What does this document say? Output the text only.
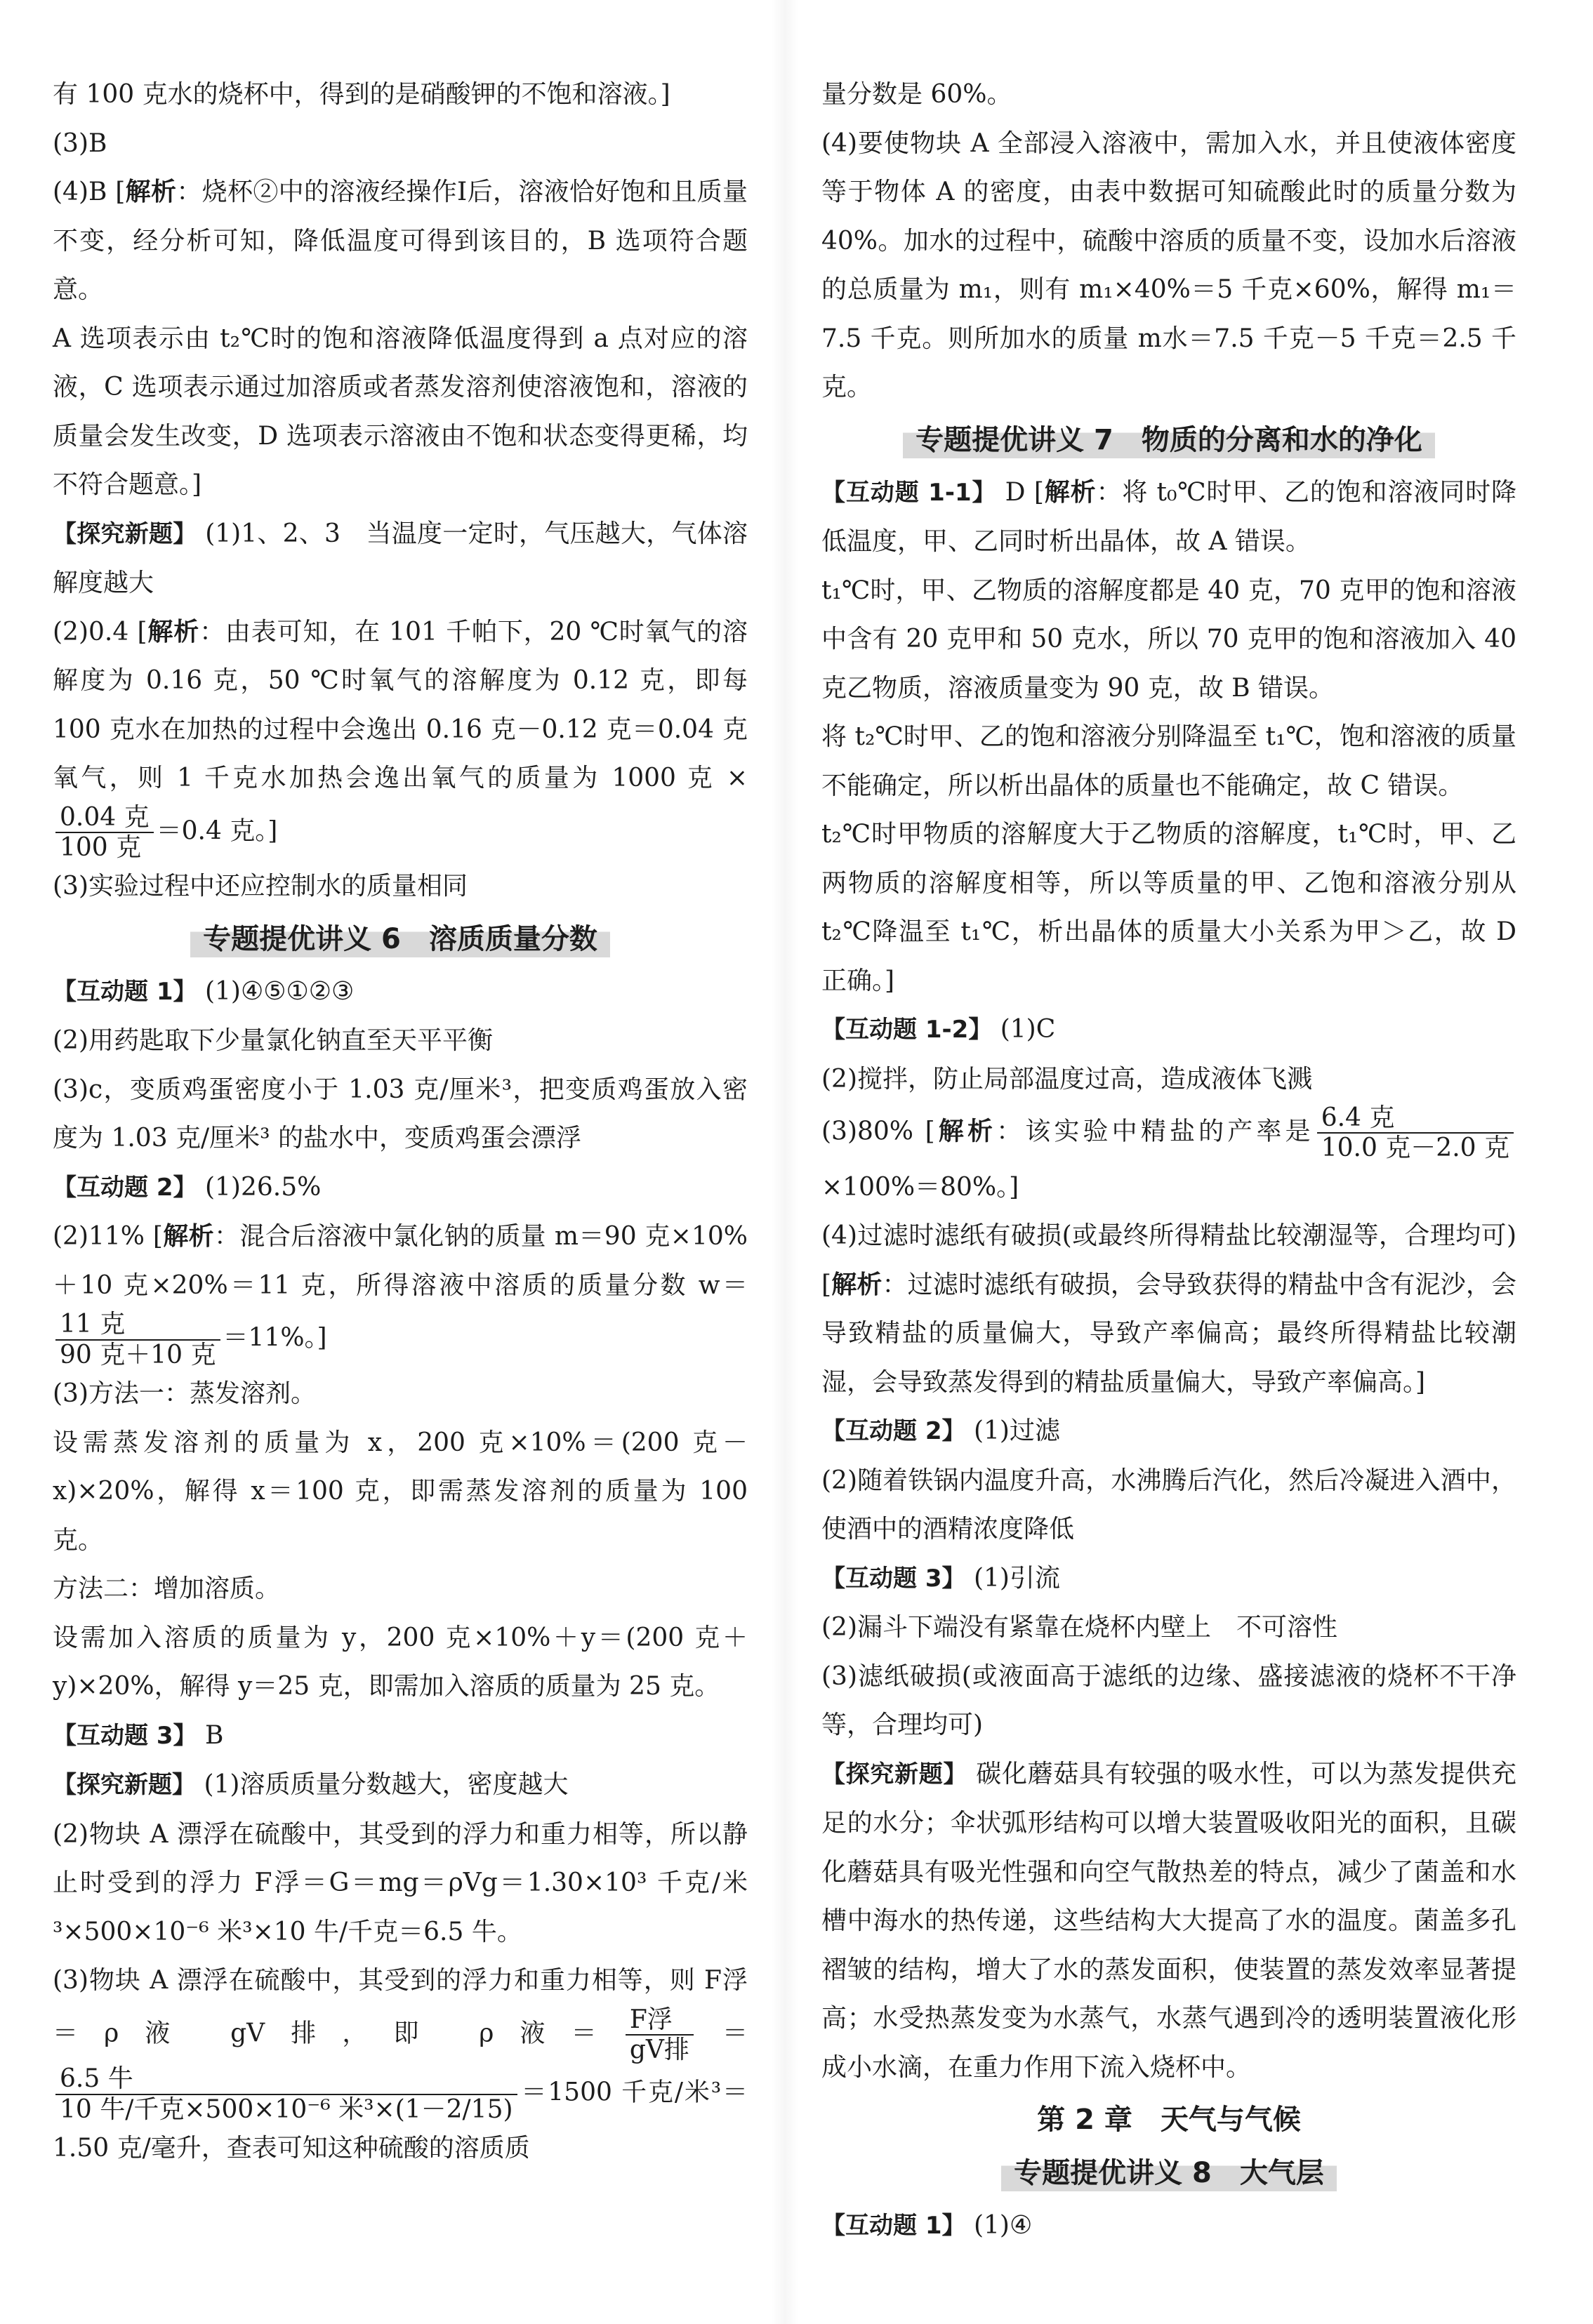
有 100 克水的烧杯中，得到的是硝酸钾的不饱和溶液。]

(3)B

(4)B [解析：烧杯②中的溶液经操作Ⅰ后，溶液恰好饱和且质量不变，经分析可知，降低温度可得到该目的，B 选项符合题意。

A 选项表示由 t₂℃时的饱和溶液降低温度得到 a 点对应的溶液，C 选项表示通过加溶质或者蒸发溶剂使溶液饱和，溶液的质量会发生改变，D 选项表示溶液由不饱和状态变得更稀，均不符合题意。]

【探究新题】 (1)1、2、3　当温度一定时，气压越大，气体溶解度越大

(2)0.4 [解析：由表可知，在 101 千帕下，20 ℃时氧气的溶解度为 0.16 克，50 ℃时氧气的溶解度为 0.12 克，即每 100 克水在加热的过程中会逸出 0.16 克－0.12 克＝0.04 克氧气，则 1 千克水加热会逸出氧气的质量为 1000 克 ×
$\frac{\text{0.04 克}}{\text{100 克}} =0.4$ 克。]

(3)实验过程中还应控制水的质量相同

专题提优讲义 6　溶质质量分数

【互动题 1】 (1)④⑤①②③

(2)用药匙取下少量氯化钠直至天平平衡

(3)c，变质鸡蛋密度小于 1.03 克/厘米³，把变质鸡蛋放入密度为 1.03 克/厘米³ 的盐水中，变质鸡蛋会漂浮

【互动题 2】 (1)26.5%

(2)11% [解析：混合后溶液中氯化钠的质量 m＝90 克×10%＋10 克×20%＝11 克，所得溶液中溶质的质量分数 w＝
$\frac{\text{11 克}}{\text{90 克＋10 克}} =11\%$。]

(3)方法一：蒸发溶剂。

设需蒸发溶剂的质量为 x，200 克×10%＝(200 克－x)×20%，解得 x＝100 克，即需蒸发溶剂的质量为 100 克。

方法二：增加溶质。

设需加入溶质的质量为 y，200 克×10%＋y＝(200 克＋y)×20%，解得 y＝25 克，即需加入溶质的质量为 25 克。

【互动题 3】 B

【探究新题】 (1)溶质质量分数越大，密度越大

(2)物块 A 漂浮在硫酸中，其受到的浮力和重力相等，所以静止时受到的浮力 F浮＝G＝mg＝ρVg＝1.30×10³ 千克/米³×500×10⁻⁶ 米³×10 牛/千克＝6.5 牛。

(3)物块 A 漂浮在硫酸中，其受到的浮力和重力相等，则 F浮＝ρ液 gV排，即 ρ液＝ $\frac{\text{F浮}}{\text{gV排}}$ ＝
$\frac{\text{6.5 牛}}{\text{10 牛/千克×500×10⁻⁶ 米³×(1－2/15)}} =1500$ 千克/米³＝1.50 克/毫升，查表可知这种硫酸的溶质质

量分数是 60%。

(4)要使物块 A 全部浸入溶液中，需加入水，并且使液体密度等于物体 A 的密度，由表中数据可知硫酸此时的质量分数为 40%。加水的过程中，硫酸中溶质的质量不变，设加水后溶液的总质量为 m₁，则有 m₁×40%＝5 千克×60%，解得 m₁＝7.5 千克。则所加水的质量 m水＝7.5 千克－5 千克＝2.5 千克。

专题提优讲义 7　物质的分离和水的净化

【互动题 1-1】 D [解析：将 t₀℃时甲、乙的饱和溶液同时降低温度，甲、乙同时析出晶体，故 A 错误。

t₁℃时，甲、乙物质的溶解度都是 40 克，70 克甲的饱和溶液中含有 20 克甲和 50 克水，所以 70 克甲的饱和溶液加入 40 克乙物质，溶液质量变为 90 克，故 B 错误。

将 t₂℃时甲、乙的饱和溶液分别降温至 t₁℃，饱和溶液的质量不能确定，所以析出晶体的质量也不能确定，故 C 错误。

t₂℃时甲物质的溶解度大于乙物质的溶解度，t₁℃时，甲、乙两物质的溶解度相等，所以等质量的甲、乙饱和溶液分别从 t₂℃降温至 t₁℃，析出晶体的质量大小关系为甲＞乙，故 D 正确。]

【互动题 1-2】 (1)C

(2)搅拌，防止局部温度过高，造成液体飞溅

(3)80% [解析：该实验中精盐的产率是 $\frac{\text{6.4 克}}{\text{10.0 克－2.0 克}}$
×100%＝80%。]

(4)过滤时滤纸有破损(或最终所得精盐比较潮湿等，合理均可) [解析：过滤时滤纸有破损，会导致获得的精盐中含有泥沙，会导致精盐的质量偏大，导致产率偏高；最终所得精盐比较潮湿，会导致蒸发得到的精盐质量偏大，导致产率偏高。]

【互动题 2】 (1)过滤

(2)随着铁锅内温度升高，水沸腾后汽化，然后冷凝进入酒中，使酒中的酒精浓度降低

【互动题 3】 (1)引流

(2)漏斗下端没有紧靠在烧杯内壁上　不可溶性

(3)滤纸破损(或液面高于滤纸的边缘、盛接滤液的烧杯不干净等，合理均可)

【探究新题】 碳化蘑菇具有较强的吸水性，可以为蒸发提供充足的水分；伞状弧形结构可以增大装置吸收阳光的面积，且碳化蘑菇具有吸光性强和向空气散热差的特点，减少了菌盖和水槽中海水的热传递，这些结构大大提高了水的温度。菌盖多孔褶皱的结构，增大了水的蒸发面积，使装置的蒸发效率显著提高；水受热蒸发变为水蒸气，水蒸气遇到冷的透明装置液化形成小水滴，在重力作用下流入烧杯中。

第 2 章　天气与气候
专题提优讲义 8　大气层

【互动题 1】 (1)④
